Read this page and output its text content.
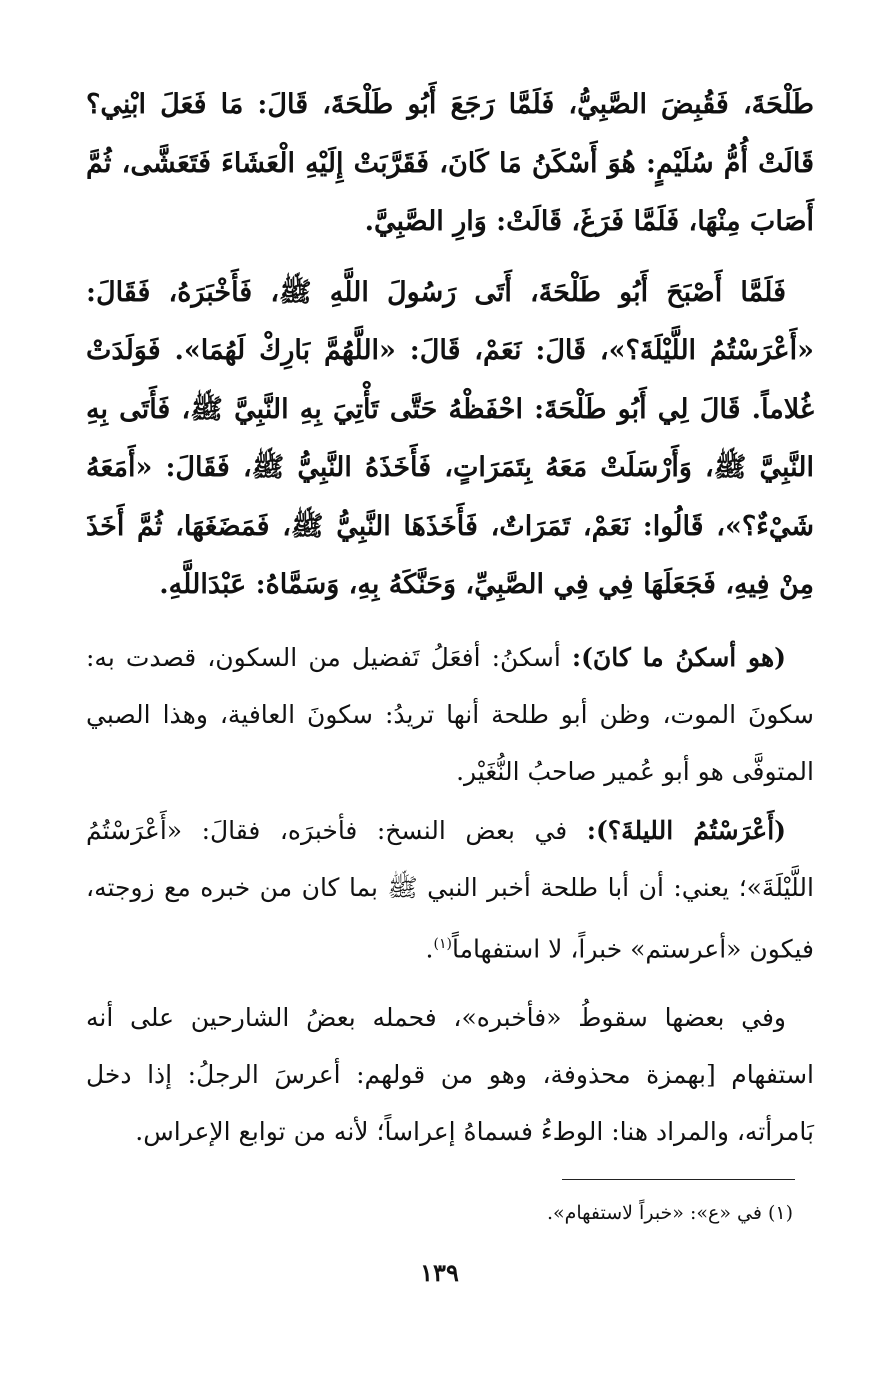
طَلْحَةَ، فَقُبِضَ الصَّبِيُّ، فَلَمَّا رَجَعَ أَبُو طَلْحَةَ، قَالَ: مَا فَعَلَ ابْنِي؟ قَالَتْ أُمُّ سُلَيْمٍ: هُوَ أَسْكَنُ مَا كَانَ، فَقَرَّبَتْ إِلَيْهِ الْعَشَاءَ فَتَعَشَّى، ثُمَّ أَصَابَ مِنْهَا، فَلَمَّا فَرَغَ، قَالَتْ: وَارِ الصَّبِيَّ.

فَلَمَّا أَصْبَحَ أَبُو طَلْحَةَ، أَتَى رَسُولَ اللَّهِ ﷺ، فَأَخْبَرَهُ، فَقَالَ: «أَعْرَسْتُمُ اللَّيْلَةَ؟»، قَالَ: نَعَمْ، قَالَ: «اللَّهُمَّ بَارِكْ لَهُمَا». فَوَلَدَتْ غُلاماً. قَالَ لِي أَبُو طَلْحَةَ: احْفَظْهُ حَتَّى تَأْتِيَ بِهِ النَّبِيَّ ﷺ، فَأَتَى بِهِ النَّبِيَّ ﷺ، وَأَرْسَلَتْ مَعَهُ بِتَمَرَاتٍ، فَأَخَذَهُ النَّبِيُّ ﷺ، فَقَالَ: «أَمَعَهُ شَيْءٌ؟»، قَالُوا: نَعَمْ، تَمَرَاتٌ، فَأَخَذَهَا النَّبِيُّ ﷺ، فَمَضَغَهَا، ثُمَّ أَخَذَ مِنْ فِيهِ، فَجَعَلَهَا فِي فِي الصَّبِيِّ، وَحَنَّكَهُ بِهِ، وَسَمَّاهُ: عَبْدَاللَّهِ.

(هو أسكنُ ما كانَ): أسكنُ: أفعَلُ تَفضيل من السكون، قصدت به: سكونَ الموت، وظن أبو طلحة أنها تريدُ: سكونَ العافية، وهذا الصبي المتوفَّى هو أبو عُمير صاحبُ النُّغَيْر.

(أَعْرَسْتُمُ الليلةَ؟): في بعض النسخ: فأخبرَه، فقالَ: «أَعْرَسْتُمُ اللَّيْلَةَ»؛ يعني: أن أبا طلحة أخبر النبي ﷺ بما كان من خبره مع زوجته، فيكون «أعرستم» خبراً، لا استفهاماً$^{(١)}$.

وفي بعضها سقوطُ «فأخبره»، فحمله بعضُ الشارحين على أنه استفهام [بهمزة محذوفة، وهو من قولهم: أعرسَ الرجلُ: إذا دخل بَامرأته، والمراد هنا: الوطءُ فسماهُ إعراساً؛ لأنه من توابع الإعراس.

(١) في «ع»: «خبراً لاستفهام».

١٣٩
